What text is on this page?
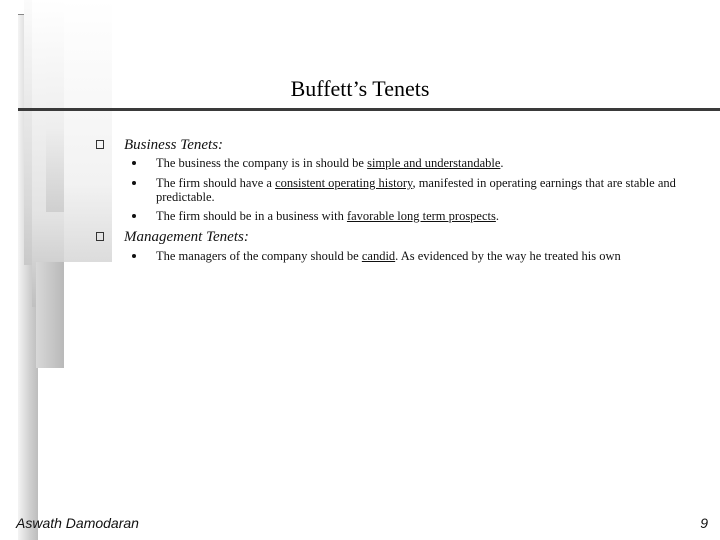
Buffett’s Tenets
Business Tenets:
The business the company is in should be simple and understandable.
The firm should have a consistent operating history, manifested in operating earnings that are stable and predictable.
The firm should be in a business with favorable long term prospects.
Management Tenets:
The managers of the company should be candid. As evidenced by the way he treated his own
Aswath Damodaran	9
